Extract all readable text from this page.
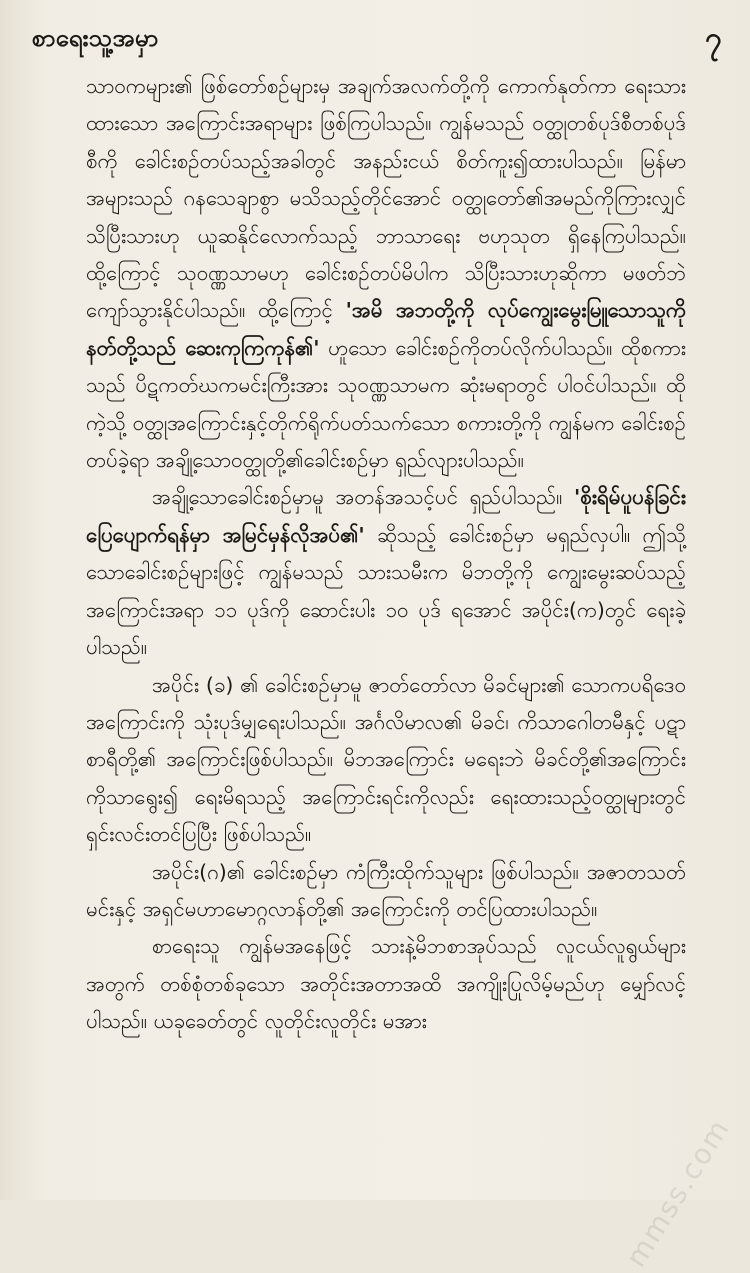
စာရေးသူ့အမှာ	၇

သာဝကများ၏ ဖြစ်တော်စဉ်များမှ အချက်အလက်တို့ကို ကောက်နုတ်ကာ ရေးသားထားသော အကြောင်းအရာများ ဖြစ်ကြပါသည်။ ကျွန်မသည် ဝတ္ထုတစ်ပုဒ်စီတစ်ပုဒ်စီကို ခေါင်းစဉ်တပ်သည့်အခါတွင် အနည်းငယ် စိတ်ကူး၍ထားပါသည်။ မြန်မာအများသည် ဂနသေချာစွာ မသိသည့်တိုင်အောင် ဝတ္ထုတော်၏အမည်ကိုကြားလျှင် သိပြီးသားဟု ယူဆနိုင်လောက်သည့် ဘာသာရေး ဗဟုသုတ ရှိနေကြပါသည်။ ထို့ကြောင့် သုဝဏ္ဏသာမဟု ခေါင်းစဉ်တပ်မိပါက သိပြီးသားဟုဆိုကာ မဖတ်ဘဲကျော်သွားနိုင်ပါသည်။ ထို့ကြောင့် 'အမိ အဘတို့ကို လုပ်ကျွေးမွေးမြူသောသူကို နတ်တို့သည် ဆေးကုကြကုန်၏' ဟူသော ခေါင်းစဉ်ကိုတပ်လိုက်ပါသည်။ ထိုစကားသည် ပိဋကတ်ဃကမင်းကြီးအား သုဝဏ္ဏသာမက ဆုံးမရာတွင် ပါဝင်ပါသည်။ ထိုကဲ့သို့ ဝတ္ထုအကြောင်းနှင့်တိုက်ရိုက်ပတ်သက်သော စကားတို့ကို ကျွန်မက ခေါင်းစဉ်တပ်ခဲ့ရာ အချို့သောဝတ္ထုတို့၏ခေါင်းစဉ်မှာ ရှည်လျားပါသည်။

အချို့သောခေါင်းစဉ်မှာမူ အတန်အသင့်ပင် ရှည်ပါသည်။ 'စိုးရိမ်ပူပန်ခြင်း ပြေပျောက်ရန်မှာ အမြင်မှန်လိုအပ်၏' ဆိုသည့် ခေါင်းစဉ်မှာ မရှည်လှပါ။ ဤသို့သောခေါင်းစဉ်များဖြင့် ကျွန်မသည် သားသမီးက မိဘတို့ကို ကျွေးမွေးဆပ်သည့်အကြောင်းအရာ ၁၁ ပုဒ်ကို ဆောင်းပါး ၁၀ ပုဒ် ရအောင် အပိုင်း(က)တွင် ရေးခဲ့ပါသည်။

အပိုင်း (ခ) ၏ ခေါင်းစဉ်မှာမူ ဇာတ်တော်လာ မိခင်များ၏ သောကပရိဒေဝအကြောင်းကို သုံးပုဒ်မျှရေးပါသည်။ အင်္ဂလိမာလ၏ မိခင်၊ ကိသာဂေါတမီနှင့် ပဋာစာရီတို့၏ အကြောင်းဖြစ်ပါသည်။ မိဘအကြောင်း မရေးဘဲ မိခင်တို့၏အကြောင်းကိုသာရွေး၍ ရေးမိရသည့် အကြောင်းရင်းကိုလည်း ရေးထားသည့်ဝတ္ထုများတွင် ရှင်းလင်းတင်ပြပြီး ဖြစ်ပါသည်။

အပိုင်း(ဂ)၏ ခေါင်းစဉ်မှာ ကံကြီးထိုက်သူများ ဖြစ်ပါသည်။ အဇာတသတ်မင်းနှင့် အရှင်မဟာမောဂ္ဂလာန်တို့၏ အကြောင်းကို တင်ပြထားပါသည်။

စာရေးသူ ကျွန်မအနေဖြင့် သားနဲ့မိဘစာအုပ်သည် လူငယ်လူရွယ်များအတွက် တစ်စုံတစ်ခုသော အတိုင်းအတာအထိ အကျိုးပြုလိမ့်မည်ဟု မျှော်လင့်ပါသည်။ ယခုခေတ်တွင် လူတိုင်းလူတိုင်း မအား

mmss.com
